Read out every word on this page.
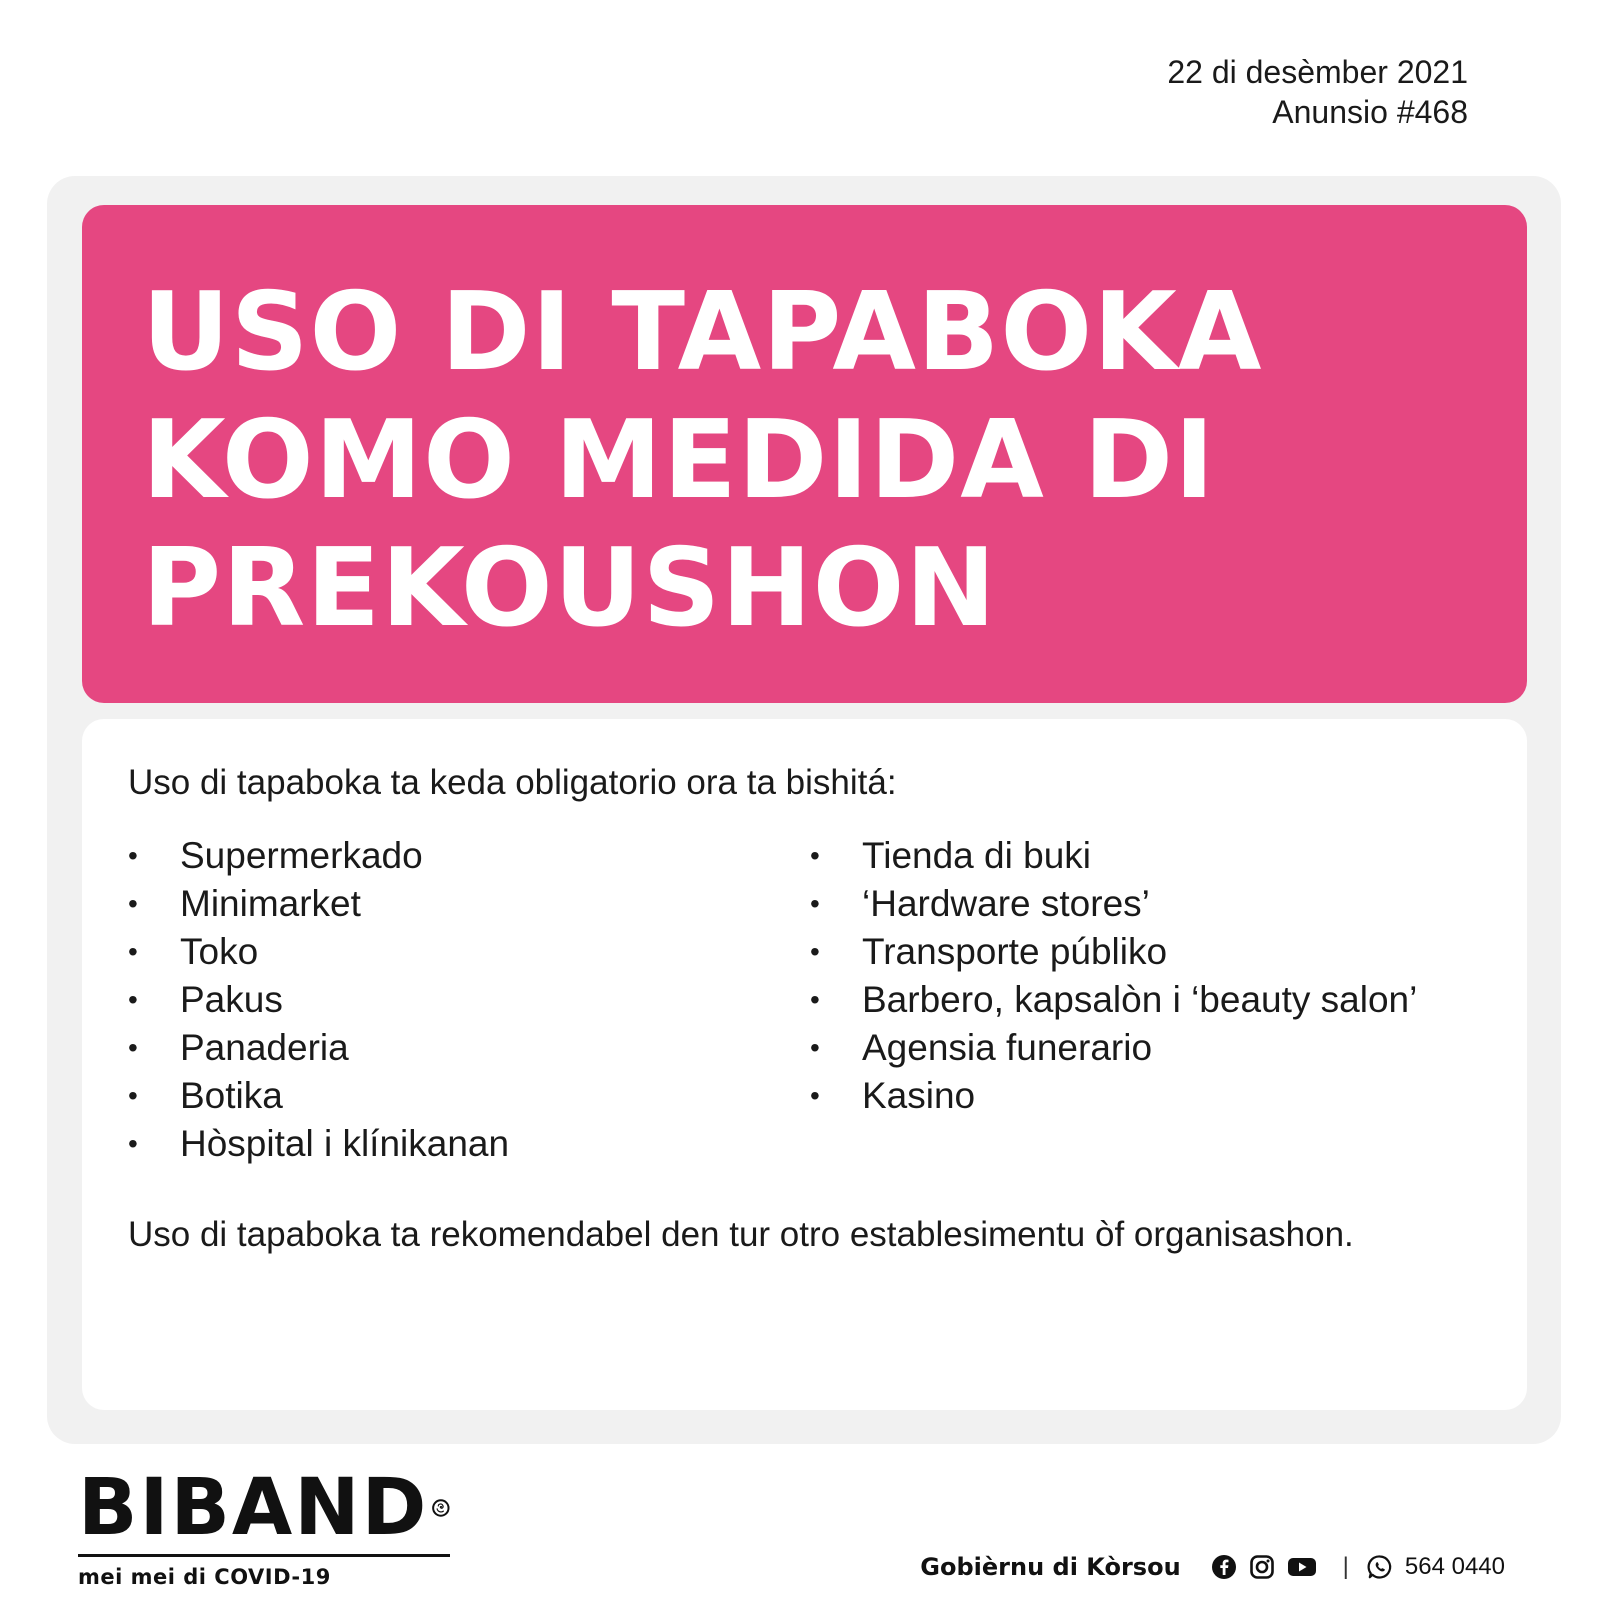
22 di desèmber 2021
Anunsio #468
USO DI TAPABOKA
KOMO MEDIDA DI
PREKOUSHON

Uso di tapaboka ta keda obligatorio ora ta bishitá:

• Supermerkado
• Minimarket
• Toko
• Pakus
• Panaderia
• Botika
• Hòspital i klínikanan
• Tienda di buki
• ‘Hardware stores’
• Transporte públiko
• Barbero, kapsalòn i ‘beauty salon’
• Agensia funerario
• Kasino

Uso di tapaboka ta rekomendabel den tur otro establesimentu òf organisashon.

BIBAND
mei mei di COVID-19	Gobièrnu di Kòrsou	| 564 0440
